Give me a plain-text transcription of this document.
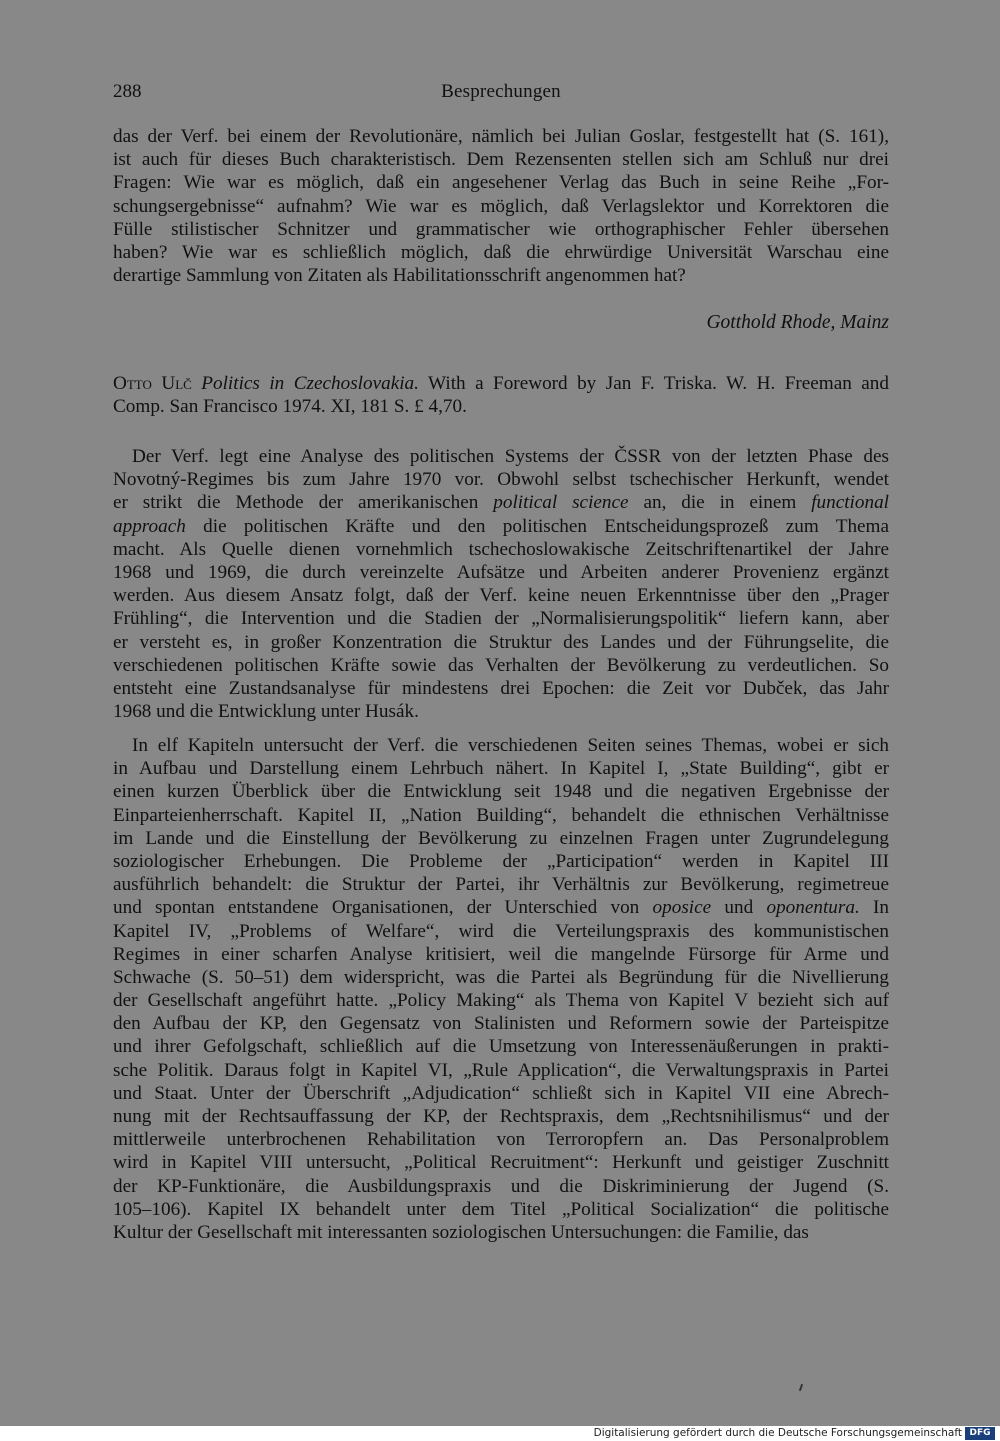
288	Besprechungen
das der Verf. bei einem der Revolutionäre, nämlich bei Julian Goslar, festgestellt hat (S. 161),
ist auch für dieses Buch charakteristisch. Dem Rezensenten stellen sich am Schluß nur drei
Fragen: Wie war es möglich, daß ein angesehener Verlag das Buch in seine Reihe „For-
schungsergebnisse“ aufnahm? Wie war es möglich, daß Verlagslektor und Korrektoren die
Fülle stilistischer Schnitzer und grammatischer wie orthographischer Fehler übersehen
haben? Wie war es schließlich möglich, daß die ehrwürdige Universität Warschau eine
derartige Sammlung von Zitaten als Habilitationsschrift angenommen hat?
Gotthold Rhode, Mainz
Otto Ulč Politics in Czechoslovakia. With a Foreword by Jan F. Triska. W. H. Freeman and
Comp. San Francisco 1974. XI, 181 S. £ 4,70.
Der Verf. legt eine Analyse des politischen Systems der ČSSR von der letzten Phase des
Novotný-Regimes bis zum Jahre 1970 vor. Obwohl selbst tschechischer Herkunft, wendet
er strikt die Methode der amerikanischen political science an, die in einem functional
approach die politischen Kräfte und den politischen Entscheidungsprozeß zum Thema
macht. Als Quelle dienen vornehmlich tschechoslowakische Zeitschriftenartikel der Jahre
1968 und 1969, die durch vereinzelte Aufsätze und Arbeiten anderer Provenienz ergänzt
werden. Aus diesem Ansatz folgt, daß der Verf. keine neuen Erkenntnisse über den „Prager
Frühling“, die Intervention und die Stadien der „Normalisierungspolitik“ liefern kann, aber
er versteht es, in großer Konzentration die Struktur des Landes und der Führungselite, die
verschiedenen politischen Kräfte sowie das Verhalten der Bevölkerung zu verdeutlichen. So
entsteht eine Zustandsanalyse für mindestens drei Epochen: die Zeit vor Dubček, das Jahr
1968 und die Entwicklung unter Husák.
In elf Kapiteln untersucht der Verf. die verschiedenen Seiten seines Themas, wobei er sich
in Aufbau und Darstellung einem Lehrbuch nähert. In Kapitel I, „State Building“, gibt er
einen kurzen Überblick über die Entwicklung seit 1948 und die negativen Ergebnisse der
Einparteienherrschaft. Kapitel II, „Nation Building“, behandelt die ethnischen Verhältnisse
im Lande und die Einstellung der Bevölkerung zu einzelnen Fragen unter Zugrundelegung
soziologischer Erhebungen. Die Probleme der „Participation“ werden in Kapitel III
ausführlich behandelt: die Struktur der Partei, ihr Verhältnis zur Bevölkerung, regimetreue
und spontan entstandene Organisationen, der Unterschied von oposice und oponentura. In
Kapitel IV, „Problems of Welfare“, wird die Verteilungspraxis des kommunistischen
Regimes in einer scharfen Analyse kritisiert, weil die mangelnde Fürsorge für Arme und
Schwache (S. 50–51) dem widerspricht, was die Partei als Begründung für die Nivellierung
der Gesellschaft angeführt hatte. „Policy Making“ als Thema von Kapitel V bezieht sich auf
den Aufbau der KP, den Gegensatz von Stalinisten und Reformern sowie der Parteispitze
und ihrer Gefolgschaft, schließlich auf die Umsetzung von Interessenäußerungen in prakti-
sche Politik. Daraus folgt in Kapitel VI, „Rule Application“, die Verwaltungspraxis in Partei
und Staat. Unter der Überschrift „Adjudication“ schließt sich in Kapitel VII eine Abrech-
nung mit der Rechtsauffassung der KP, der Rechtspraxis, dem „Rechtsnihilismus“ und der
mittlerweile unterbrochenen Rehabilitation von Terroropfern an. Das Personalproblem
wird in Kapitel VIII untersucht, „Political Recruitment“: Herkunft und geistiger Zuschnitt
der KP-Funktionäre, die Ausbildungspraxis und die Diskriminierung der Jugend (S.
105–106). Kapitel IX behandelt unter dem Titel „Political Socialization“ die politische
Kultur der Gesellschaft mit interessanten soziologischen Untersuchungen: die Familie, das
Digitalisierung gefördert durch die Deutsche Forschungsgemeinschaft DFG
